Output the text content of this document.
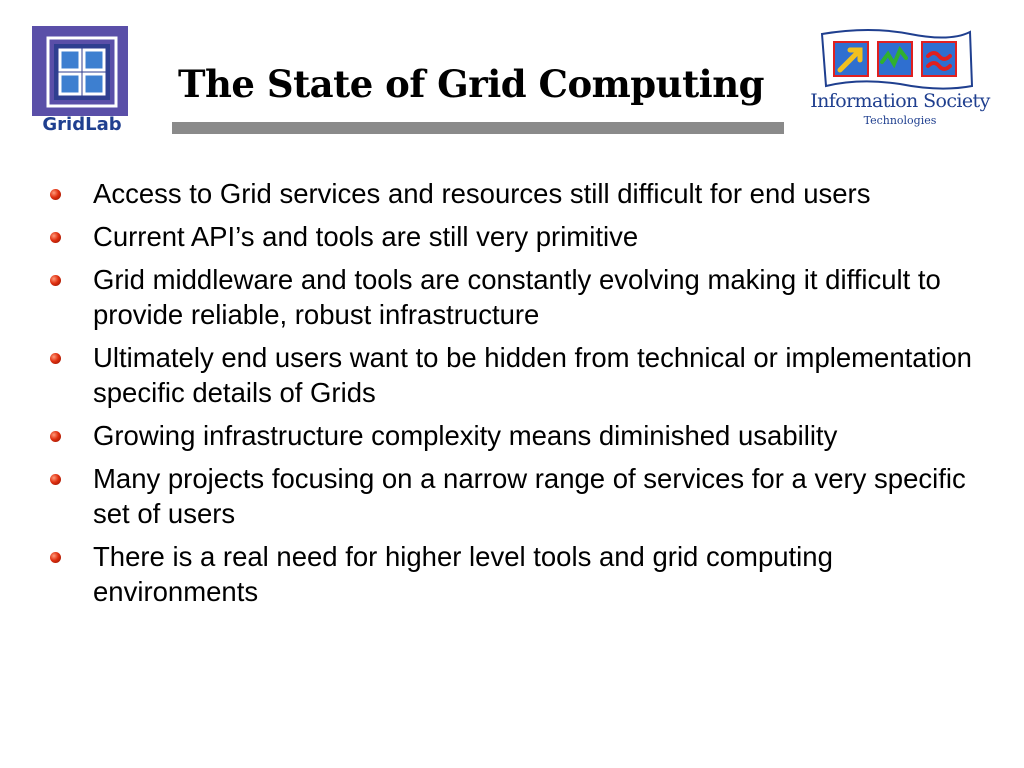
GridLab
The State of Grid Computing	Information Society
Technologies
Access to Grid services and resources still difficult for end users
Current API’s and tools are still very primitive
Grid middleware and tools are constantly evolving making it difficult to provide reliable, robust infrastructure
Ultimately end users want to be hidden from technical or implementation specific details of Grids
Growing infrastructure complexity means diminished usability
Many projects focusing on a narrow range of services for a very specific set of users
There is a real need for higher level tools and grid computing environments
